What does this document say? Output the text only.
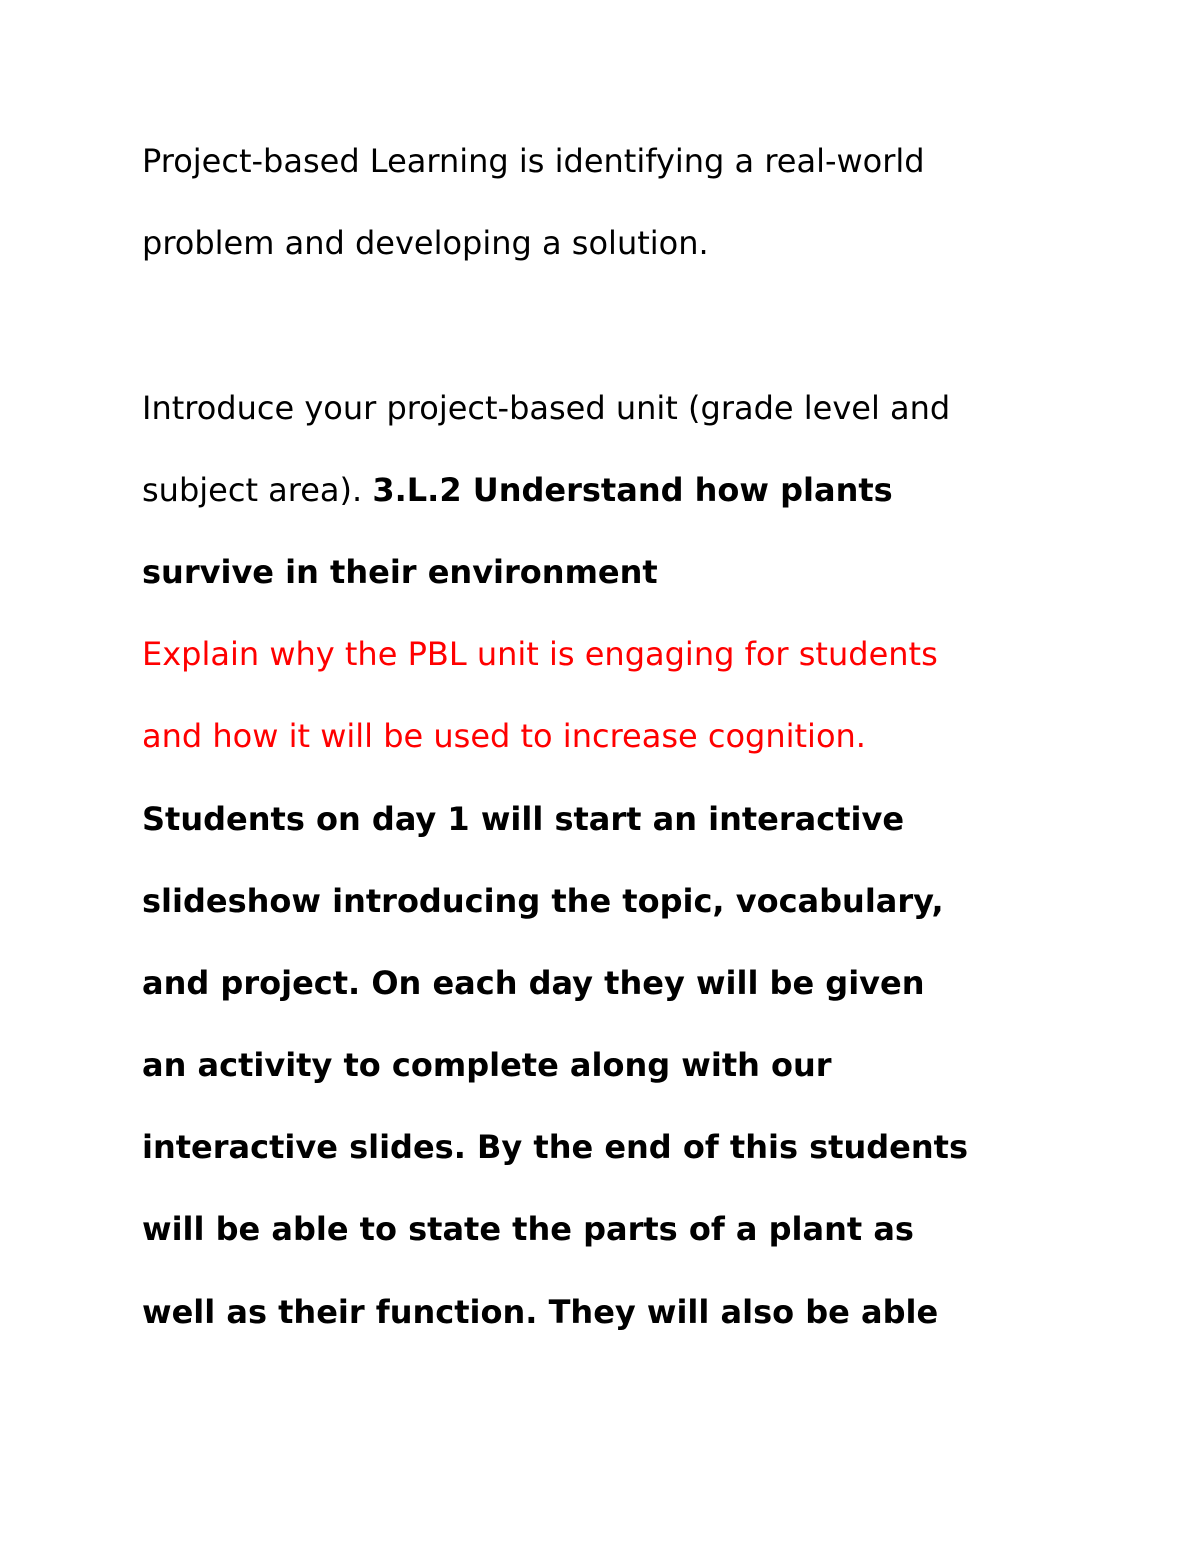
Project-based Learning is identifying a real-world
problem and developing a solution.
Introduce your project-based unit (grade level and
subject area). 3.L.2 Understand how plants
survive in their environment
Explain why the PBL unit is engaging for students
and how it will be used to increase cognition.
Students on day 1 will start an interactive
slideshow introducing the topic, vocabulary,
and project. On each day they will be given
an activity to complete along with our
interactive slides. By the end of this students
will be able to state the parts of a plant as
well as their function. They will also be able
